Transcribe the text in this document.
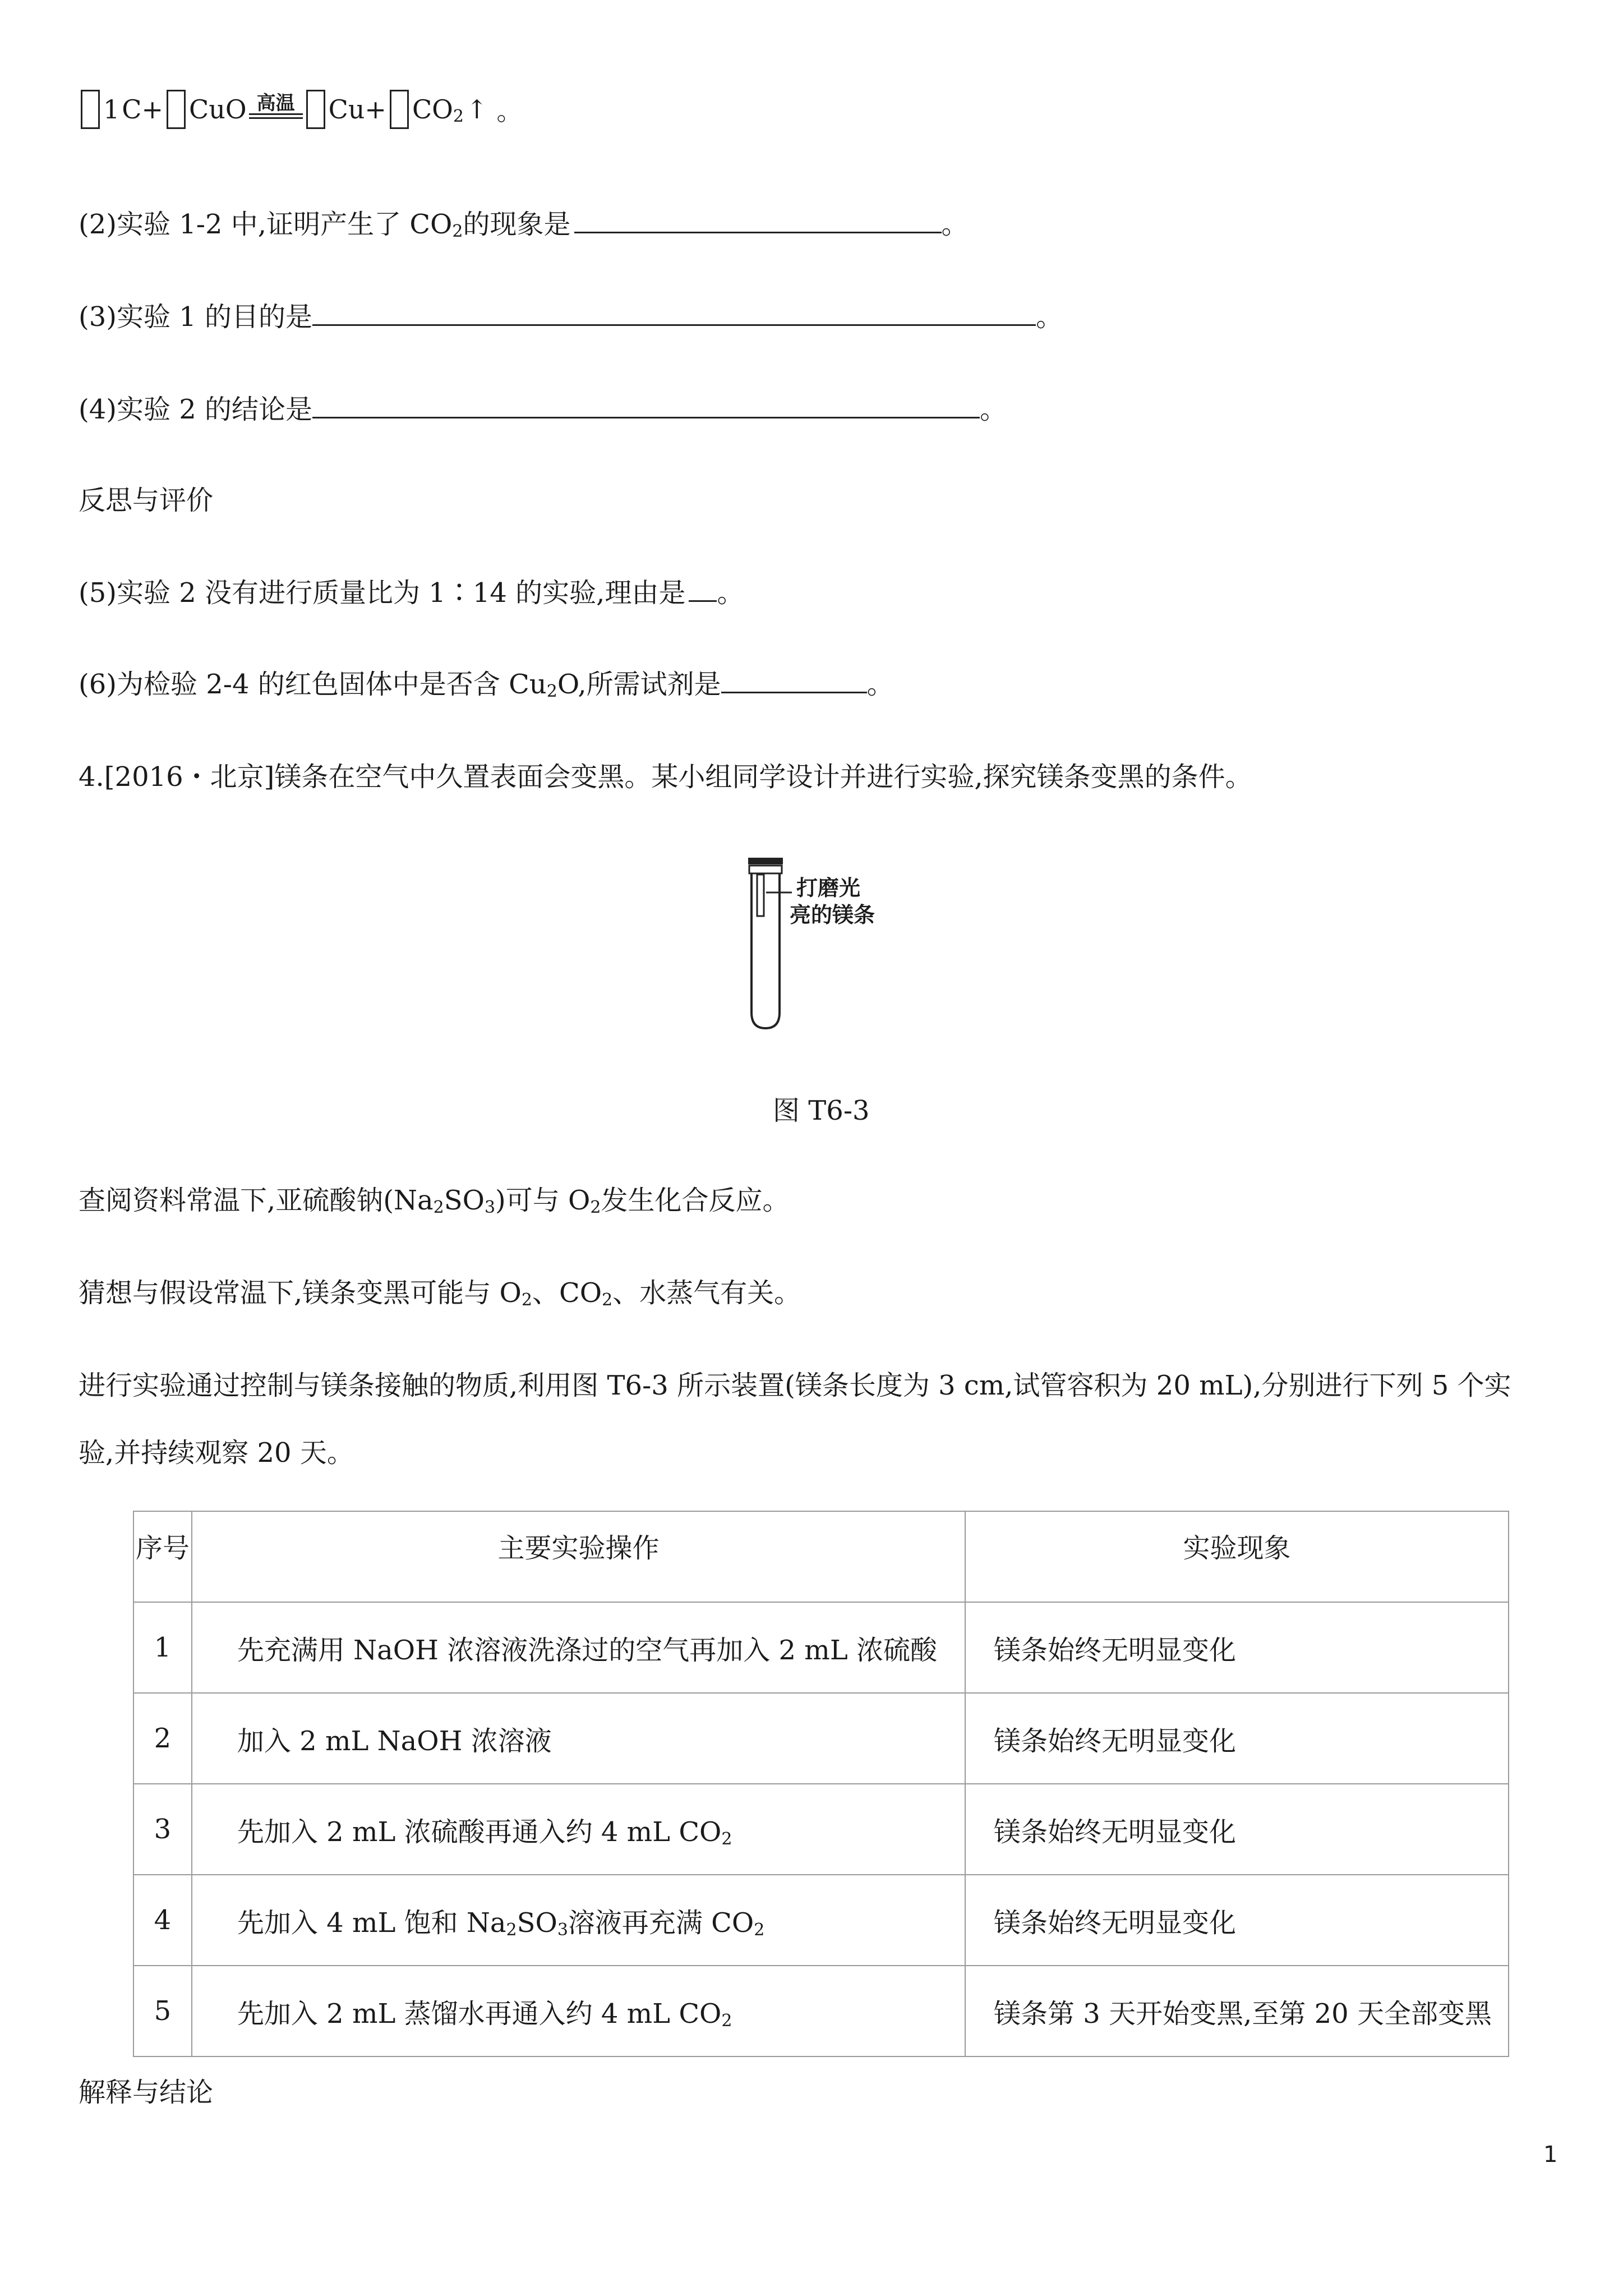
1 C+ CuO 高温 $Cu+ CO_2$ ↑ 。
(2)实验 1-2 中,证明产生了 $CO_2$的现象是	。
(3)实验 1 的目的是	。
(4)实验 2 的结论是	。
反思与评价
(5)实验 2 没有进行质量比为 1∶14 的实验,理由是 。
(6)为检验 2-4 的红色固体中是否含 $Cu_2O$,所需试剂是	。
4.[2016・北京]镁条在空气中久置表面会变黑。某小组同学设计并进行实验,探究镁条变黑的条件。
打磨光
亮的镁条
图 T6-3
查阅资料常温下,亚硫酸钠$(Na_2SO_3)$可与 $O_2$发生化合反应。
猜想与假设常温下,镁条变黑可能与 $O_2$、$CO_2$、水蒸气有关。
进行实验通过控制与镁条接触的物质,利用图 T6-3 所示装置(镁条长度为 3 cm,试管容积为 20 mL),分别进行下列 5 个实
验,并持续观察 20 天。
序号	主要实验操作	实验现象
1	先充满用 NaOH 浓溶液洗涤过的空气再加入 2 mL 浓硫酸	镁条始终无明显变化
2	加入 2 mL NaOH 浓溶液	镁条始终无明显变化
3	先加入 2 mL 浓硫酸再通入约 4 mL $CO_2$	镁条始终无明显变化
4	先加入 4 mL 饱和 $Na_2SO_3$溶液再充满 $CO_2$	镁条始终无明显变化
5	先加入 2 mL 蒸馏水再通入约 4 mL $CO_2$	镁条第 3 天开始变黑,至第 20 天全部变黑
解释与结论
1
